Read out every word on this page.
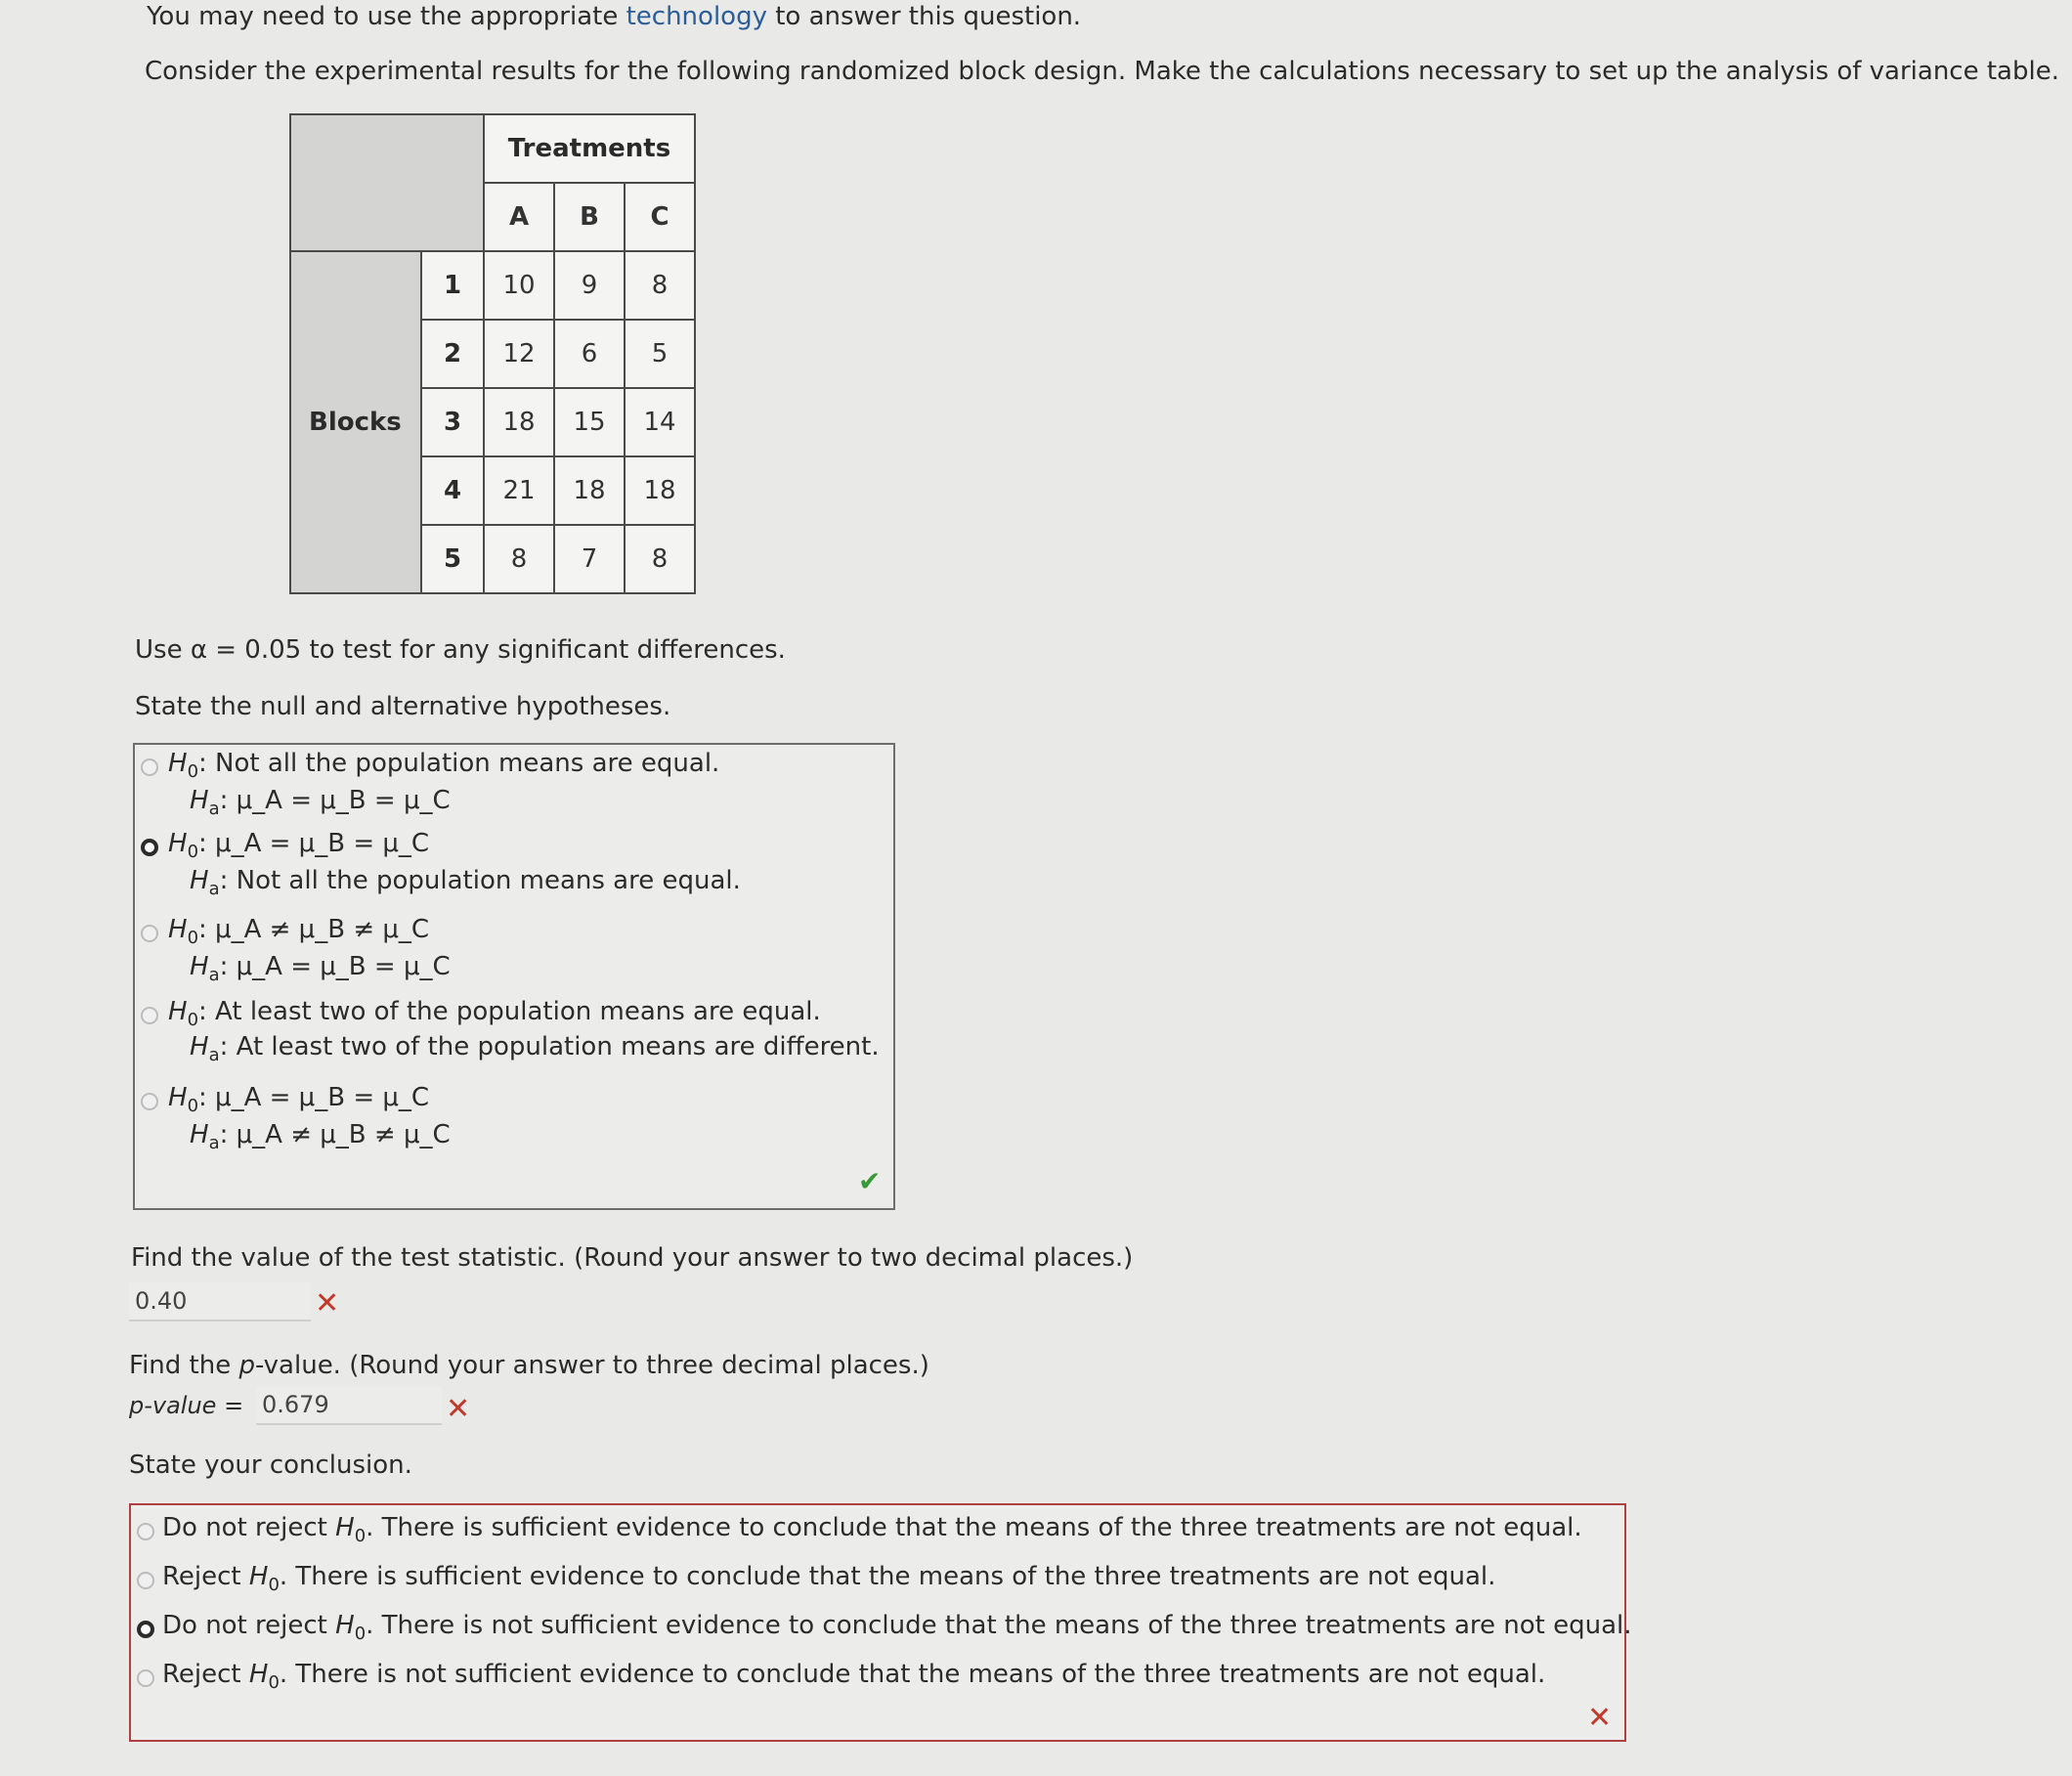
You may need to use the appropriate technology to answer this question.
Consider the experimental results for the following randomized block design. Make the calculations necessary to set up the analysis of variance table.
		Treatments		
		A	B	C
Blocks	1	10	9	8
	2	12	6	5
	3	18	15	14
	4	21	18	18
	5	8	7	8
Use α = 0.05 to test for any significant differences.
State the null and alternative hypotheses.
$H_0$: Not all the population means are equal.
$H_a$: μ_A = μ_B = μ_C
$H_0$: μ_A = μ_B = μ_C
$H_a$: Not all the population means are equal.
$H_0$: μ_A ≠ μ_B ≠ μ_C
$H_a$: μ_A = μ_B = μ_C
$H_0$: At least two of the population means are equal.
$H_a$: At least two of the population means are different.
$H_0$: μ_A = μ_B = μ_C
$H_a$: μ_A ≠ μ_B ≠ μ_C
✔
Find the value of the test statistic. (Round your answer to two decimal places.)
0.40	✕
Find the p-value. (Round your answer to three decimal places.)
p-value = 0.679	✕
State your conclusion.
Do not reject $H_0$. There is sufficient evidence to conclude that the means of the three treatments are not equal.
Reject $H_0$. There is sufficient evidence to conclude that the means of the three treatments are not equal.
Do not reject $H_0$. There is not sufficient evidence to conclude that the means of the three treatments are not equal.
Reject $H_0$. There is not sufficient evidence to conclude that the means of the three treatments are not equal.
✕
